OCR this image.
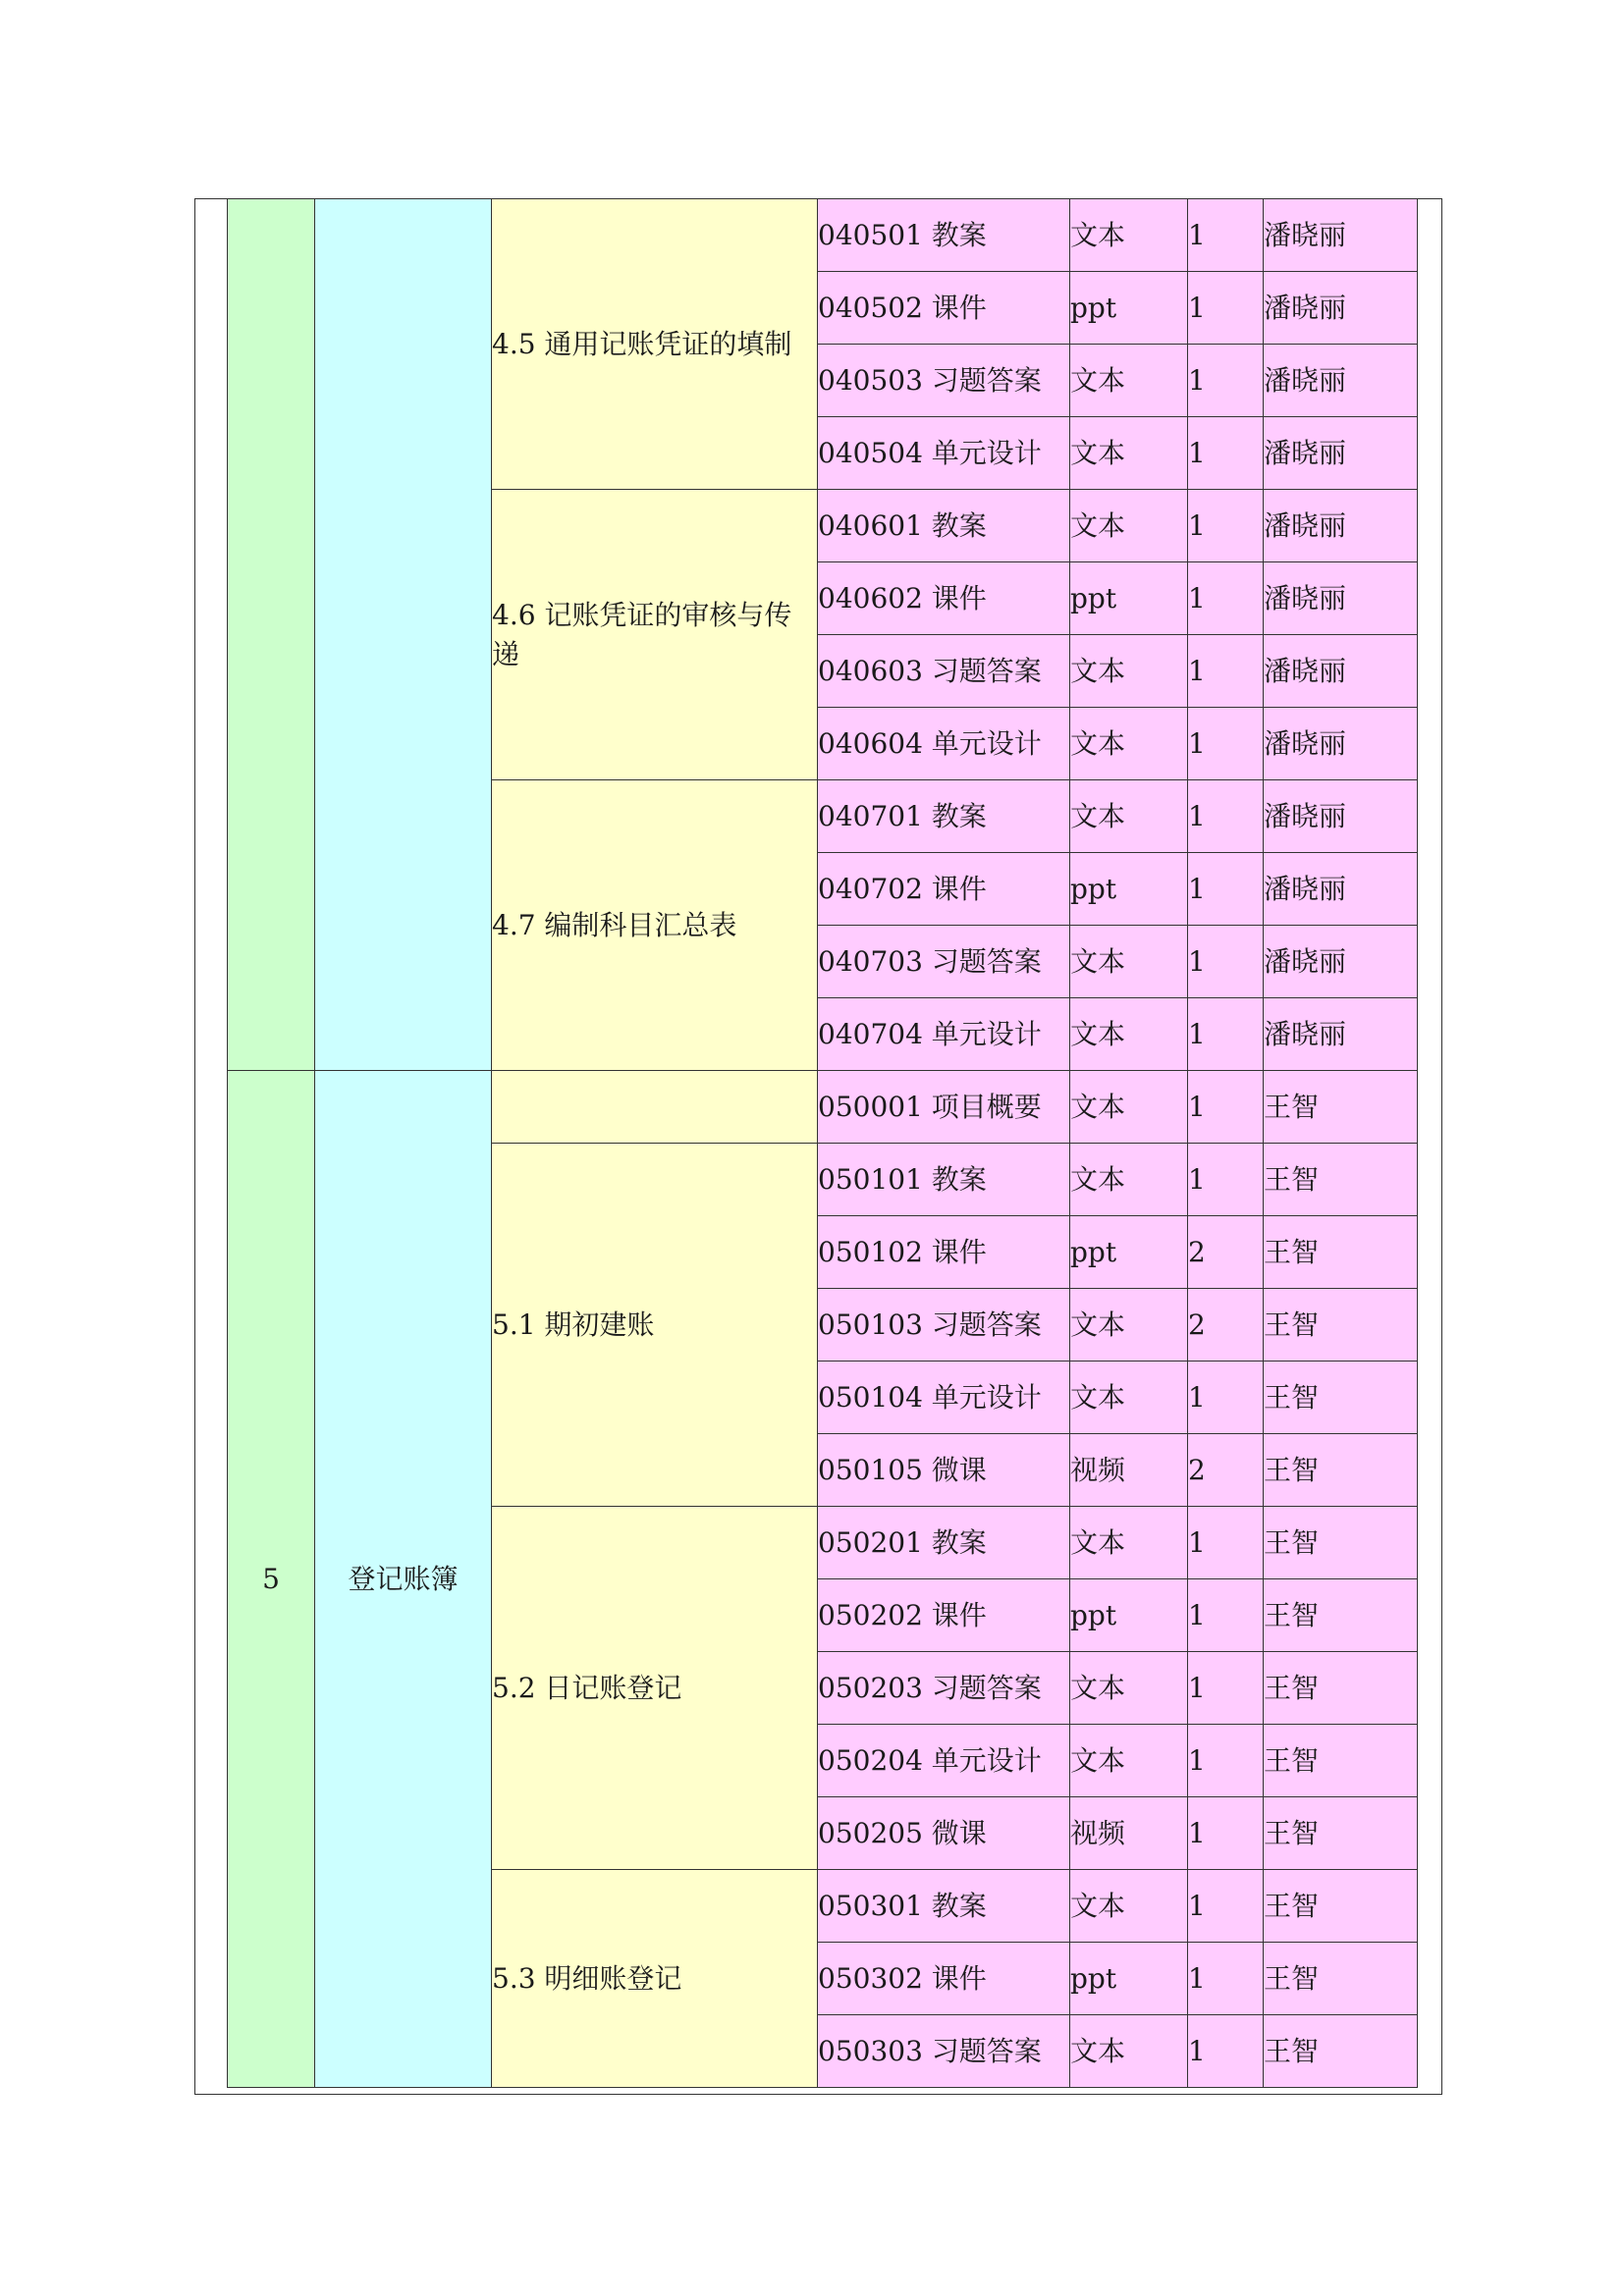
		4.5 通用记账凭证的填制	040501 教案	文本	1	潘晓丽
			040502 课件	ppt	1	潘晓丽
			040503 习题答案	文本	1	潘晓丽
			040504 单元设计	文本	1	潘晓丽
		4.6 记账凭证的审核与传递	040601 教案	文本	1	潘晓丽
			040602 课件	ppt	1	潘晓丽
			040603 习题答案	文本	1	潘晓丽
			040604 单元设计	文本	1	潘晓丽
		4.7 编制科目汇总表	040701 教案	文本	1	潘晓丽
			040702 课件	ppt	1	潘晓丽
			040703 习题答案	文本	1	潘晓丽
			040704 单元设计	文本	1	潘晓丽
5	登记账簿		050001 项目概要	文本	1	王智
		5.1 期初建账	050101 教案	文本	1	王智
			050102 课件	ppt	2	王智
			050103 习题答案	文本	2	王智
			050104 单元设计	文本	1	王智
			050105 微课	视频	2	王智
		5.2 日记账登记	050201 教案	文本	1	王智
			050202 课件	ppt	1	王智
			050203 习题答案	文本	1	王智
			050204 单元设计	文本	1	王智
			050205 微课	视频	1	王智
		5.3 明细账登记	050301 教案	文本	1	王智
			050302 课件	ppt	1	王智
			050303 习题答案	文本	1	王智
